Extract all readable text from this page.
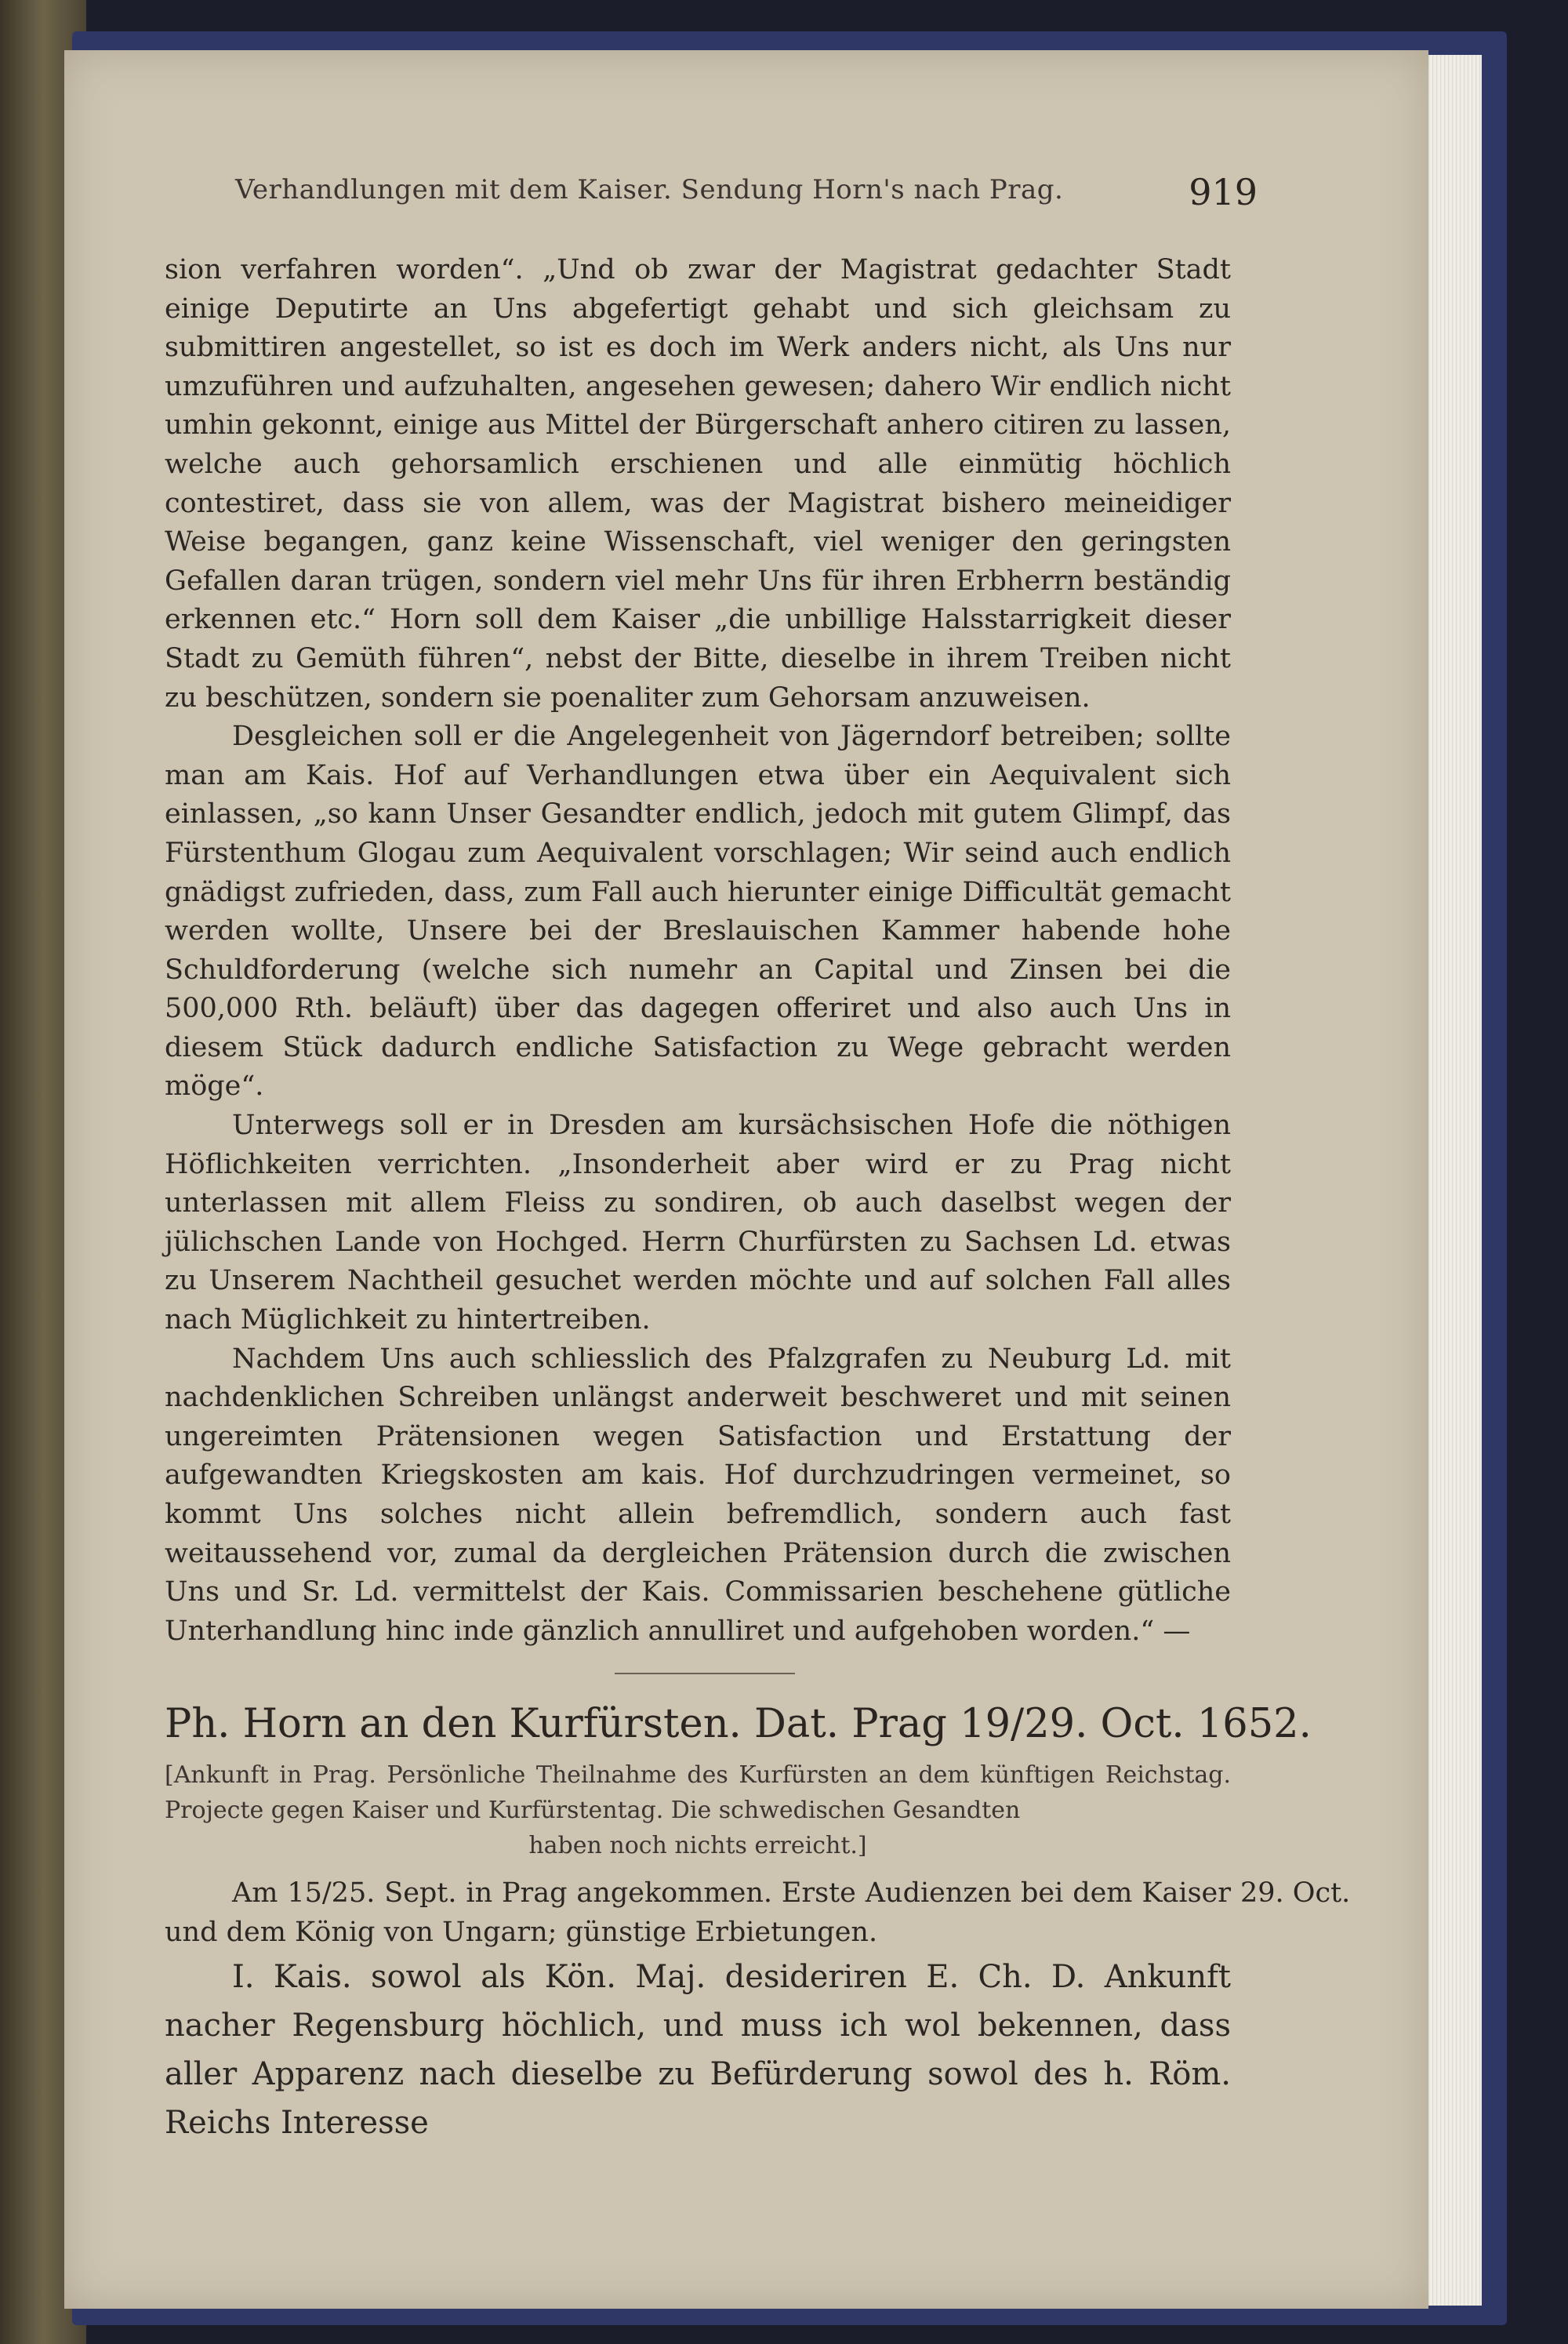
Verhandlungen mit dem Kaiser. Sendung Horn's nach Prag.	919

sion verfahren worden“. „Und ob zwar der Magistrat gedachter Stadt einige Deputirte an Uns abgefertigt gehabt und sich gleichsam zu submittiren angestellet, so ist es doch im Werk anders nicht, als Uns nur umzuführen und aufzuhalten, angesehen gewesen; dahero Wir endlich nicht umhin gekonnt, einige aus Mittel der Bürgerschaft anhero citiren zu lassen, welche auch gehorsamlich erschienen und alle einmütig höchlich contestiret, dass sie von allem, was der Magistrat bishero meineidiger Weise begangen, ganz keine Wissenschaft, viel weniger den geringsten Gefallen daran trügen, sondern viel mehr Uns für ihren Erbherrn beständig erkennen etc.“ Horn soll dem Kaiser „die unbillige Halsstarrigkeit dieser Stadt zu Gemüth führen“, nebst der Bitte, dieselbe in ihrem Treiben nicht zu beschützen, sondern sie poenaliter zum Gehorsam anzuweisen.

Desgleichen soll er die Angelegenheit von Jägerndorf betreiben; sollte man am Kais. Hof auf Verhandlungen etwa über ein Aequivalent sich einlassen, „so kann Unser Gesandter endlich, jedoch mit gutem Glimpf, das Fürstenthum Glogau zum Aequivalent vorschlagen; Wir seind auch endlich gnädigst zufrieden, dass, zum Fall auch hierunter einige Difficultät gemacht werden wollte, Unsere bei der Breslauischen Kammer habende hohe Schuldforderung (welche sich numehr an Capital und Zinsen bei die 500,000 Rth. beläuft) über das dagegen offeriret und also auch Uns in diesem Stück dadurch endliche Satisfaction zu Wege gebracht werden möge“.

Unterwegs soll er in Dresden am kursächsischen Hofe die nöthigen Höflichkeiten verrichten. „Insonderheit aber wird er zu Prag nicht unterlassen mit allem Fleiss zu sondiren, ob auch daselbst wegen der jülichschen Lande von Hochged. Herrn Churfürsten zu Sachsen Ld. etwas zu Unserem Nachtheil gesuchet werden möchte und auf solchen Fall alles nach Müglichkeit zu hintertreiben.

Nachdem Uns auch schliesslich des Pfalzgrafen zu Neuburg Ld. mit nachdenklichen Schreiben unlängst anderweit beschweret und mit seinen ungereimten Prätensionen wegen Satisfaction und Erstattung der aufgewandten Kriegskosten am kais. Hof durchzudringen vermeinet, so kommt Uns solches nicht allein befremdlich, sondern auch fast weitaussehend vor, zumal da dergleichen Prätension durch die zwischen Uns und Sr. Ld. vermittelst der Kais. Commissarien beschehene gütliche Unterhandlung hinc inde gänzlich annulliret und aufgehoben worden.“ —

Ph. Horn an den Kurfürsten. Dat. Prag 19/29. Oct. 1652.

[Ankunft in Prag. Persönliche Theilnahme des Kurfürsten an dem künftigen Reichstag. Projecte gegen Kaiser und Kurfürstentag. Die schwedischen Gesandten

haben noch nichts erreicht.]

Am 15/25. Sept. in Prag angekommen. Erste Audienzen bei dem Kaiser und dem König von Ungarn; günstige Erbietungen.

29. Oct.

I. Kais. sowol als Kön. Maj. desideriren E. Ch. D. Ankunft nacher Regensburg höchlich, und muss ich wol bekennen, dass aller Apparenz nach dieselbe zu Befürderung sowol des h. Röm. Reichs Interesse
